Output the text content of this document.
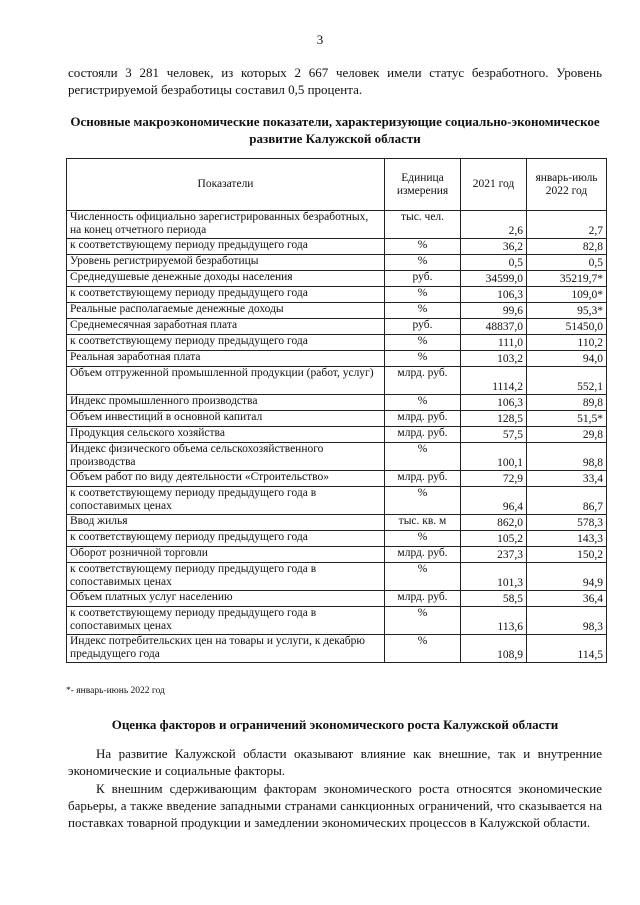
3

состояли 3 281 человек, из которых 2 667 человек имели статус безработного. Уровень регистрируемой безработицы составил 0,5 процента.

Основные макроэкономические показатели, характеризующие социально-экономическое развитие Калужской области

Показатели	Единица измерения	2021 год	январь-июль 2022 год
Численность официально зарегистрированных безработных, на конец отчетного периода	тыс. чел.	2,6	2,7
к соответствующему периоду предыдущего года	%	36,2	82,8
Уровень регистрируемой безработицы	%	0,5	0,5
Среднедушевые денежные доходы населения	руб.	34599,0	35219,7*
к соответствующему периоду предыдущего года	%	106,3	109,0*
Реальные располагаемые денежные доходы	%	99,6	95,3*
Среднемесячная заработная плата	руб.	48837,0	51450,0
к соответствующему периоду предыдущего года	%	111,0	110,2
Реальная заработная плата	%	103,2	94,0
Объем отгруженной промышленной продукции (работ, услуг)	млрд. руб.	1114,2	552,1
Индекс промышленного производства	%	106,3	89,8
Объем инвестиций в основной капитал	млрд. руб.	128,5	51,5*
Продукция сельского хозяйства	млрд. руб.	57,5	29,8
Индекс физического объема сельскохозяйственного производства	%	100,1	98,8
Объем работ по виду деятельности «Строительство»	млрд. руб.	72,9	33,4
к соответствующему периоду предыдущего года в сопоставимых ценах	%	96,4	86,7
Ввод жилья	тыс. кв. м	862,0	578,3
к соответствующему периоду предыдущего года	%	105,2	143,3
Оборот розничной торговли	млрд. руб.	237,3	150,2
к соответствующему периоду предыдущего года в сопоставимых ценах	%	101,3	94,9
Объем платных услуг населению	млрд. руб.	58,5	36,4
к соответствующему периоду предыдущего года в сопоставимых ценах	%	113,6	98,3
Индекс потребительских цен на товары и услуги, к декабрю предыдущего года	%	108,9	114,5
*- январь-июнь 2022 год

Оценка факторов и ограничений экономического роста Калужской области

На развитие Калужской области оказывают влияние как внешние, так и внутренние экономические и социальные факторы.

К внешним сдерживающим факторам экономического роста относятся экономические барьеры, а также введение западными странами санкционных ограничений, что сказывается на поставках товарной продукции и замедлении экономических процессов в Калужской области.
